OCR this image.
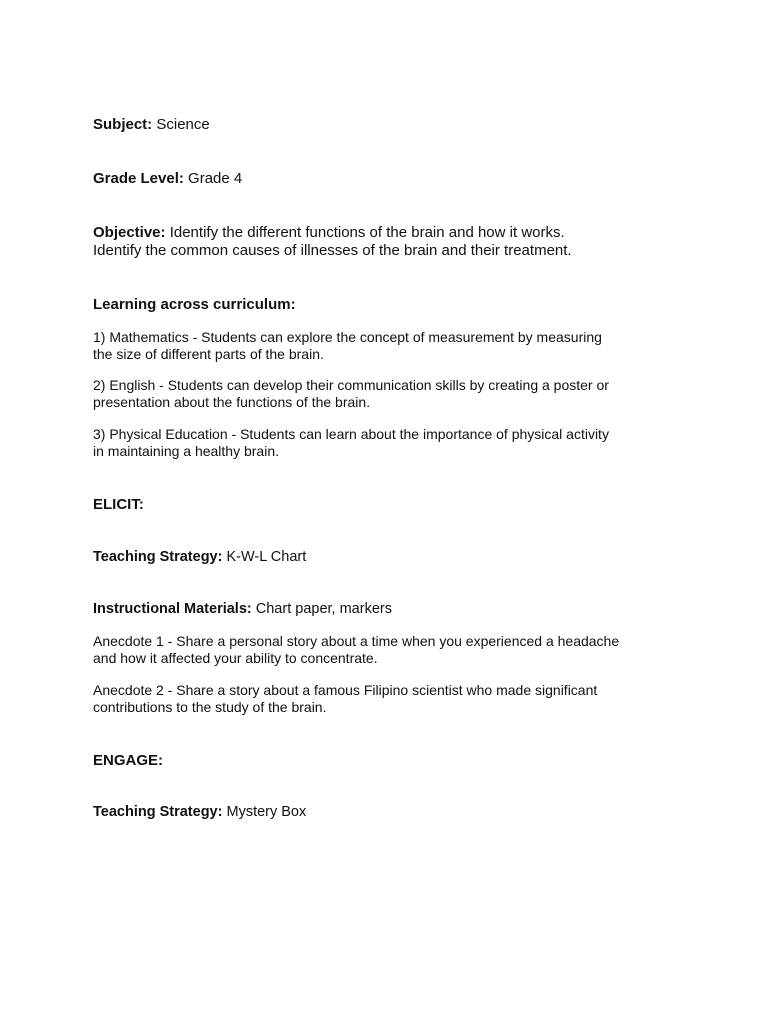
Subject: Science

Grade Level: Grade 4

Objective: Identify the different functions of the brain and how it works.

Identify the common causes of illnesses of the brain and their treatment.

Learning across curriculum:

1) Mathematics - Students can explore the concept of measurement by measuring
the size of different parts of the brain.
2) English - Students can develop their communication skills by creating a poster or
presentation about the functions of the brain.
3) Physical Education - Students can learn about the importance of physical activity
in maintaining a healthy brain.

ELICIT:

Teaching Strategy: K-W-L Chart

Instructional Materials: Chart paper, markers

Anecdote 1 - Share a personal story about a time when you experienced a headache
and how it affected your ability to concentrate.
Anecdote 2 - Share a story about a famous Filipino scientist who made significant
contributions to the study of the brain.

ENGAGE:

Teaching Strategy: Mystery Box
